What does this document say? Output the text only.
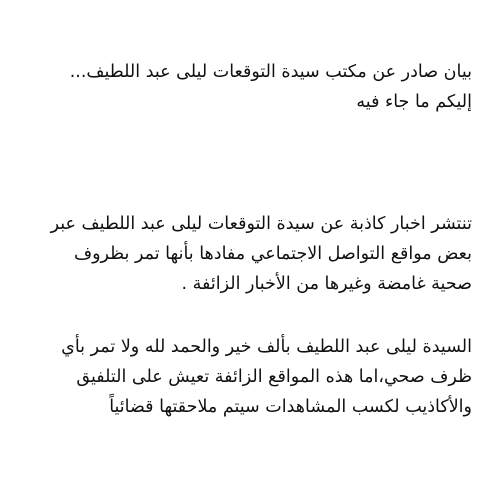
بيان صادر عن مكتب سيدة التوقعات ليلى عبد اللطيف...
إليكم ما جاء فيه

تنتشر اخبار كاذبة عن سيدة التوقعات ليلى عبد اللطيف عبر
بعض مواقع التواصل الاجتماعي مفادها بأنها تمر بظروف
صحية غامضة وغيرها من الأخبار الزائفة .

السيدة ليلى عبد اللطيف بألف خير والحمد لله ولا تمر بأي
ظرف صحي،اما هذه المواقع الزائفة تعيش على التلفيق
والأكاذيب لكسب المشاهدات سيتم ملاحقتها قضائياً
